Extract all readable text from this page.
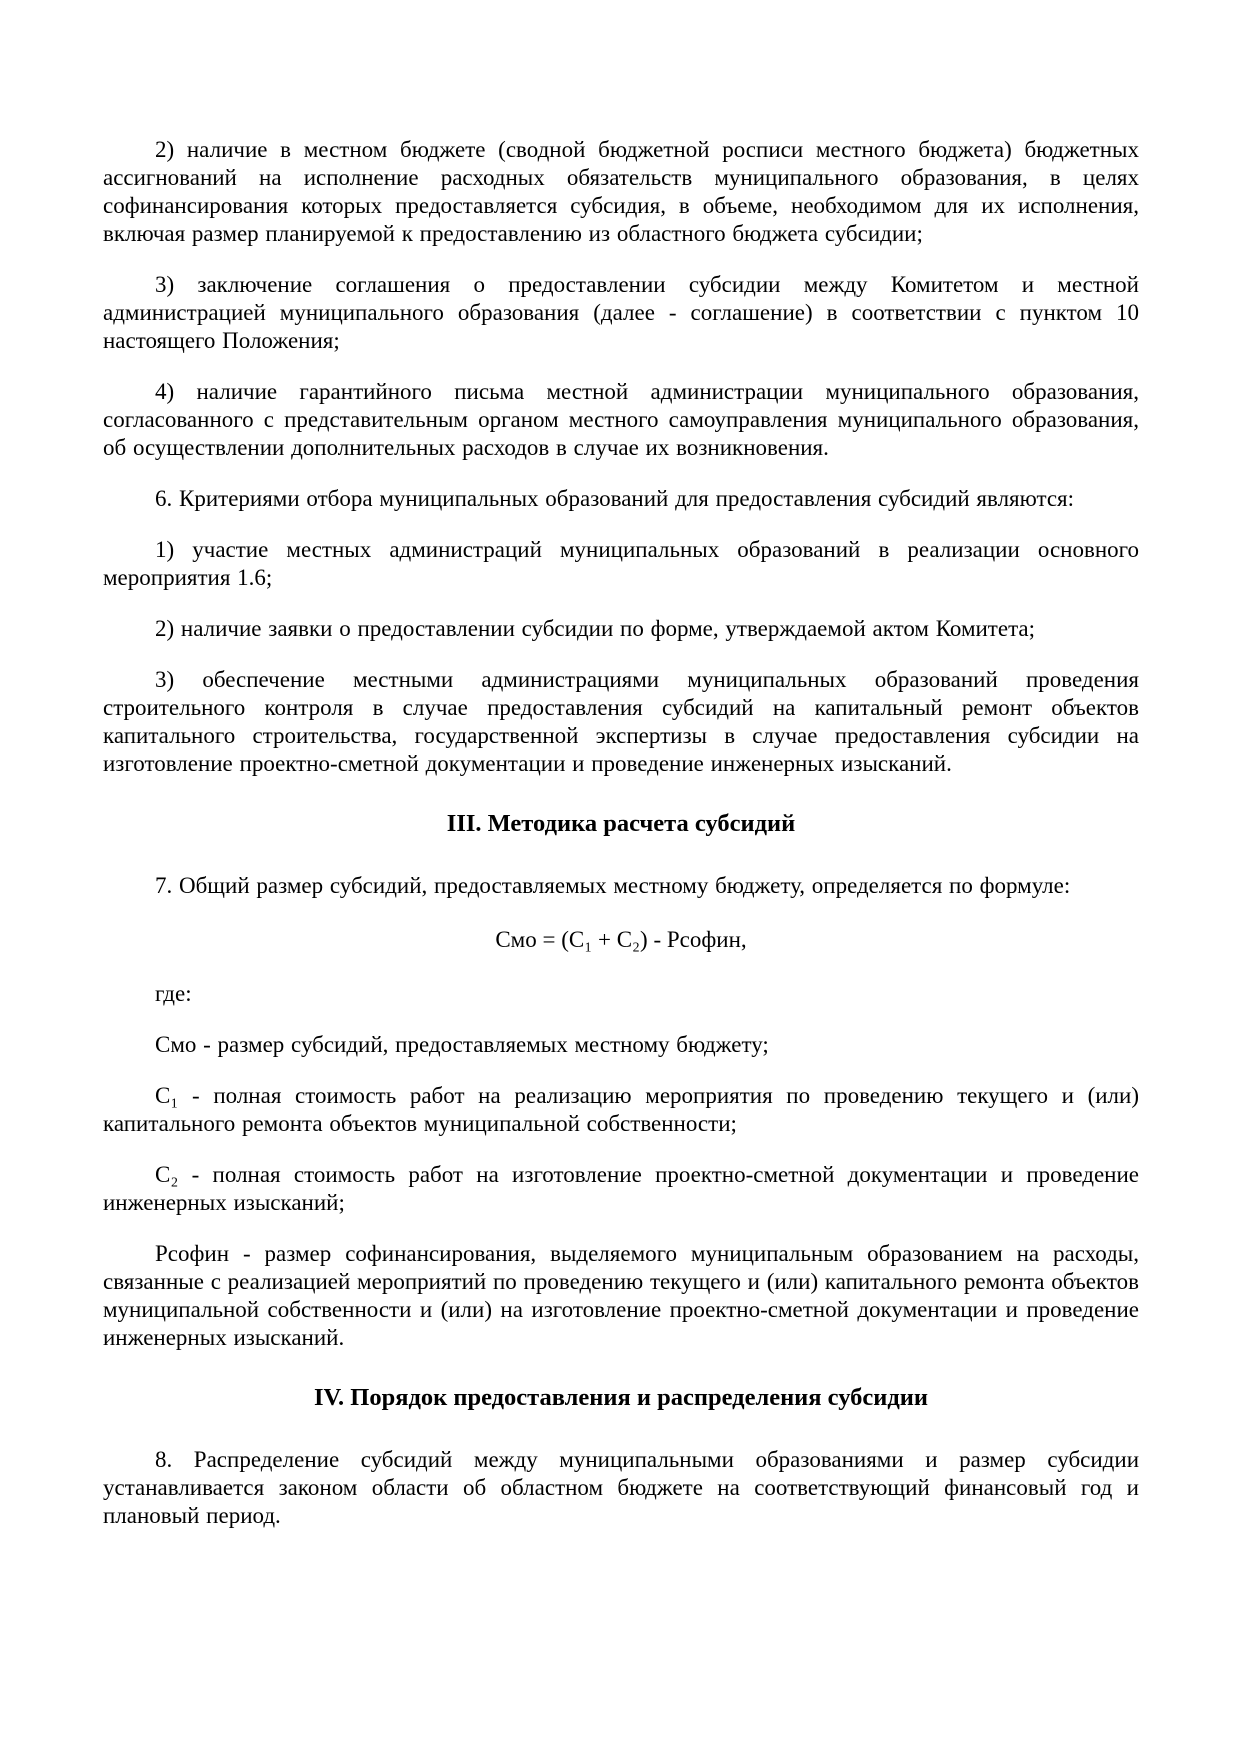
2) наличие в местном бюджете (сводной бюджетной росписи местного бюджета) бюджетных ассигнований на исполнение расходных обязательств муниципального образования, в целях софинансирования которых предоставляется субсидия, в объеме, необходимом для их исполнения, включая размер планируемой к предоставлению из областного бюджета субсидии;

3) заключение соглашения о предоставлении субсидии между Комитетом и местной администрацией муниципального образования (далее - соглашение) в соответствии с пунктом 10 настоящего Положения;

4) наличие гарантийного письма местной администрации муниципального образования, согласованного с представительным органом местного самоуправления муниципального образования, об осуществлении дополнительных расходов в случае их возникновения.

6. Критериями отбора муниципальных образований для предоставления субсидий являются:

1) участие местных администраций муниципальных образований в реализации основного мероприятия 1.6;

2) наличие заявки о предоставлении субсидии по форме, утверждаемой актом Комитета;

3) обеспечение местными администрациями муниципальных образований проведения строительного контроля в случае предоставления субсидий на капитальный ремонт объектов капитального строительства, государственной экспертизы в случае предоставления субсидии на изготовление проектно-сметной документации и проведение инженерных изысканий.

III. Методика расчета субсидий

7. Общий размер субсидий, предоставляемых местному бюджету, определяется по формуле:

Смо = (С₁ + С₂) - Рсофин,

где:

Смо - размер субсидий, предоставляемых местному бюджету;

С₁ - полная стоимость работ на реализацию мероприятия по проведению текущего и (или) капитального ремонта объектов муниципальной собственности;

С₂ - полная стоимость работ на изготовление проектно-сметной документации и проведение инженерных изысканий;

Рсофин - размер софинансирования, выделяемого муниципальным образованием на расходы, связанные с реализацией мероприятий по проведению текущего и (или) капитального ремонта объектов муниципальной собственности и (или) на изготовление проектно-сметной документации и проведение инженерных изысканий.

IV. Порядок предоставления и распределения субсидии

8. Распределение субсидий между муниципальными образованиями и размер субсидии устанавливается законом области об областном бюджете на соответствующий финансовый год и плановый период.
